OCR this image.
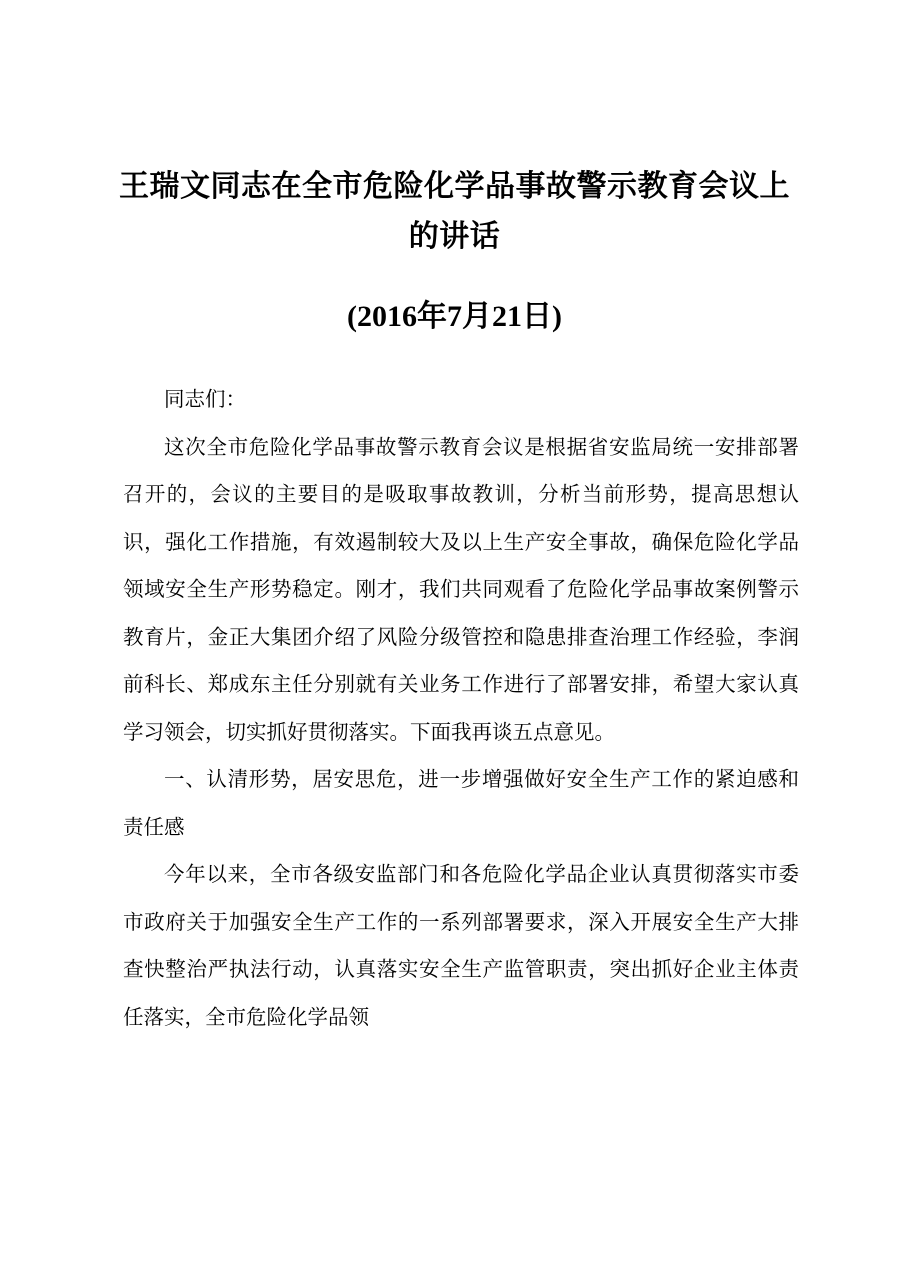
王瑞文同志在全市危险化学品事故警示教育会议上的讲话
(2016年7月21日)

同志们：

这次全市危险化学品事故警示教育会议是根据省安监局统一安排部署召开的，会议的主要目的是吸取事故教训，分析当前形势，提高思想认识，强化工作措施，有效遏制较大及以上生产安全事故，确保危险化学品领域安全生产形势稳定。刚才，我们共同观看了危险化学品事故案例警示教育片，金正大集团介绍了风险分级管控和隐患排查治理工作经验，李润前科长、郑成东主任分别就有关业务工作进行了部署安排，希望大家认真学习领会，切实抓好贯彻落实。下面我再谈五点意见。

一、认清形势，居安思危，进一步增强做好安全生产工作的紧迫感和责任感

今年以来，全市各级安监部门和各危险化学品企业认真贯彻落实市委市政府关于加强安全生产工作的一系列部署要求，深入开展安全生产大排查快整治严执法行动，认真落实安全生产监管职责，突出抓好企业主体责任落实，全市危险化学品领
